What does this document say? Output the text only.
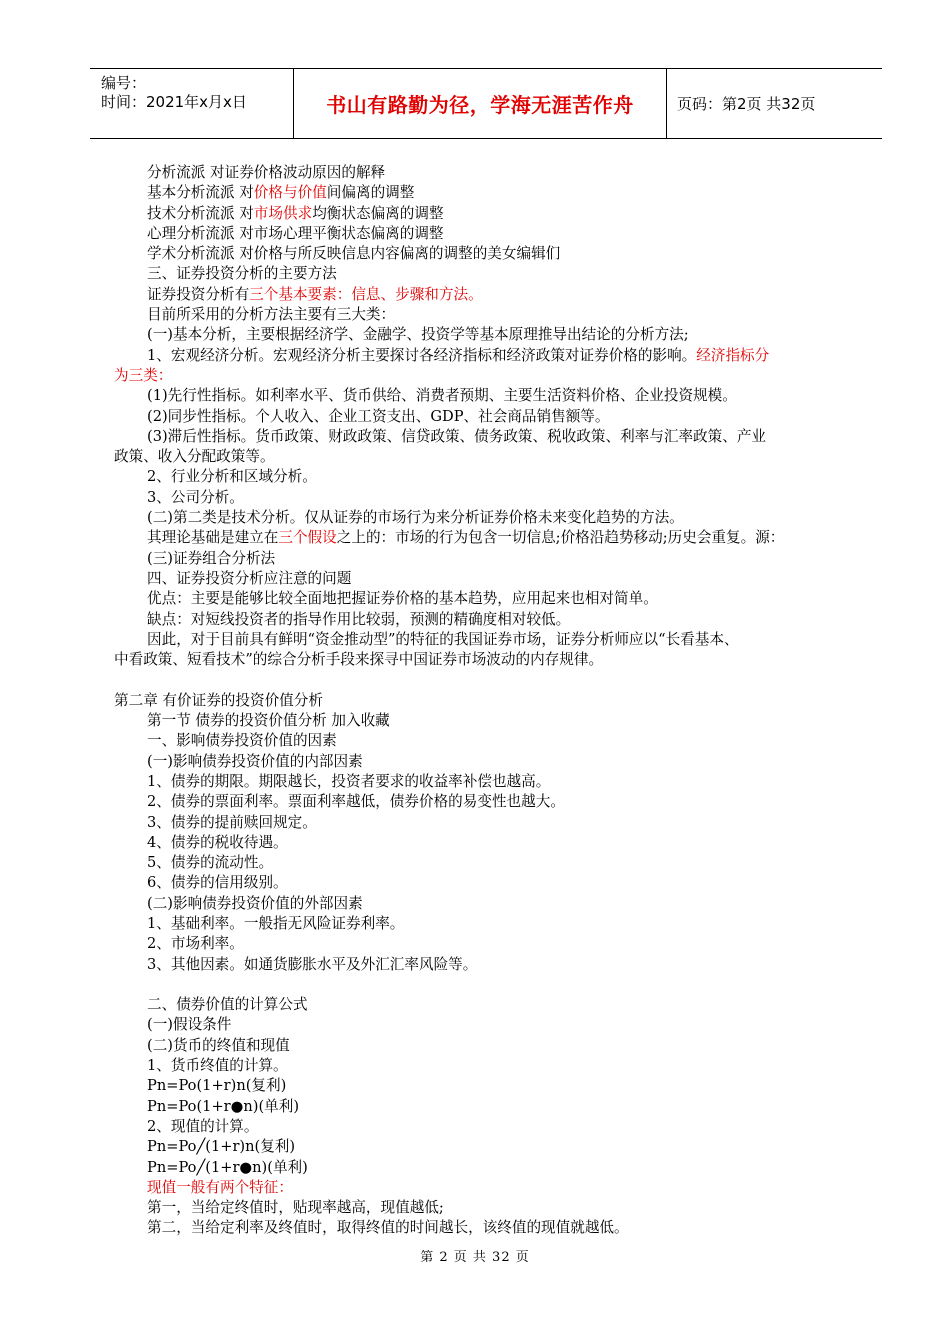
编号：
时间：2021年x月x日	书山有路勤为径，学海无涯苦作舟	页码：第2页 共32页
分析流派 对证券价格波动原因的解释
基本分析流派 对价格与价值间偏离的调整
技术分析流派 对市场供求均衡状态偏离的调整
心理分析流派 对市场心理平衡状态偏离的调整
学术分析流派 对价格与所反映信息内容偏离的调整的美女编辑们
三、证券投资分析的主要方法
证券投资分析有三个基本要素：信息、步骤和方法。
目前所采用的分析方法主要有三大类：
(一)基本分析，主要根据经济学、金融学、投资学等基本原理推导出结论的分析方法;
1、宏观经济分析。宏观经济分析主要探讨各经济指标和经济政策对证券价格的影响。经济指标分
为三类：
(1)先行性指标。如利率水平、货币供给、消费者预期、主要生活资料价格、企业投资规模。
(2)同步性指标。个人收入、企业工资支出、GDP、社会商品销售额等。
(3)滞后性指标。货币政策、财政政策、信贷政策、债务政策、税收政策、利率与汇率政策、产业
政策、收入分配政策等。
2、行业分析和区域分析。
3、公司分析。
(二)第二类是技术分析。仅从证券的市场行为来分析证券价格未来变化趋势的方法。
其理论基础是建立在三个假设之上的：市场的行为包含一切信息;价格沿趋势移动;历史会重复。源：
(三)证券组合分析法
四、证券投资分析应注意的问题
优点：主要是能够比较全面地把握证券价格的基本趋势，应用起来也相对简单。
缺点：对短线投资者的指导作用比较弱，预测的精确度相对较低。
因此，对于目前具有鲜明“资金推动型”的特征的我国证券市场，证券分析师应以“长看基本、
中看政策、短看技术”的综合分析手段来探寻中国证券市场波动的内存规律。
第二章 有价证券的投资价值分析
第一节 债券的投资价值分析 加入收藏
一、影响债券投资价值的因素
(一)影响债券投资价值的内部因素
1、债券的期限。期限越长，投资者要求的收益率补偿也越高。
2、债券的票面利率。票面利率越低，债券价格的易变性也越大。
3、债券的提前赎回规定。
4、债券的税收待遇。
5、债券的流动性。
6、债券的信用级别。
(二)影响债券投资价值的外部因素
1、基础利率。一般指无风险证券利率。
2、市场利率。
3、其他因素。如通货膨胀水平及外汇汇率风险等。
二、债券价值的计算公式
(一)假设条件
(二)货币的终值和现值
1、货币终值的计算。
Pn=Po(1+r)n(复利)
Pn=Po(1+r●n)(单利)
2、现值的计算。
Pn=Po╱(1+r)n(复利)
Pn=Po╱(1+r●n)(单利)
现值一般有两个特征：
第一，当给定终值时，贴现率越高，现值越低;
第二，当给定利率及终值时，取得终值的时间越长，该终值的现值就越低。
第 2 页 共 32 页
